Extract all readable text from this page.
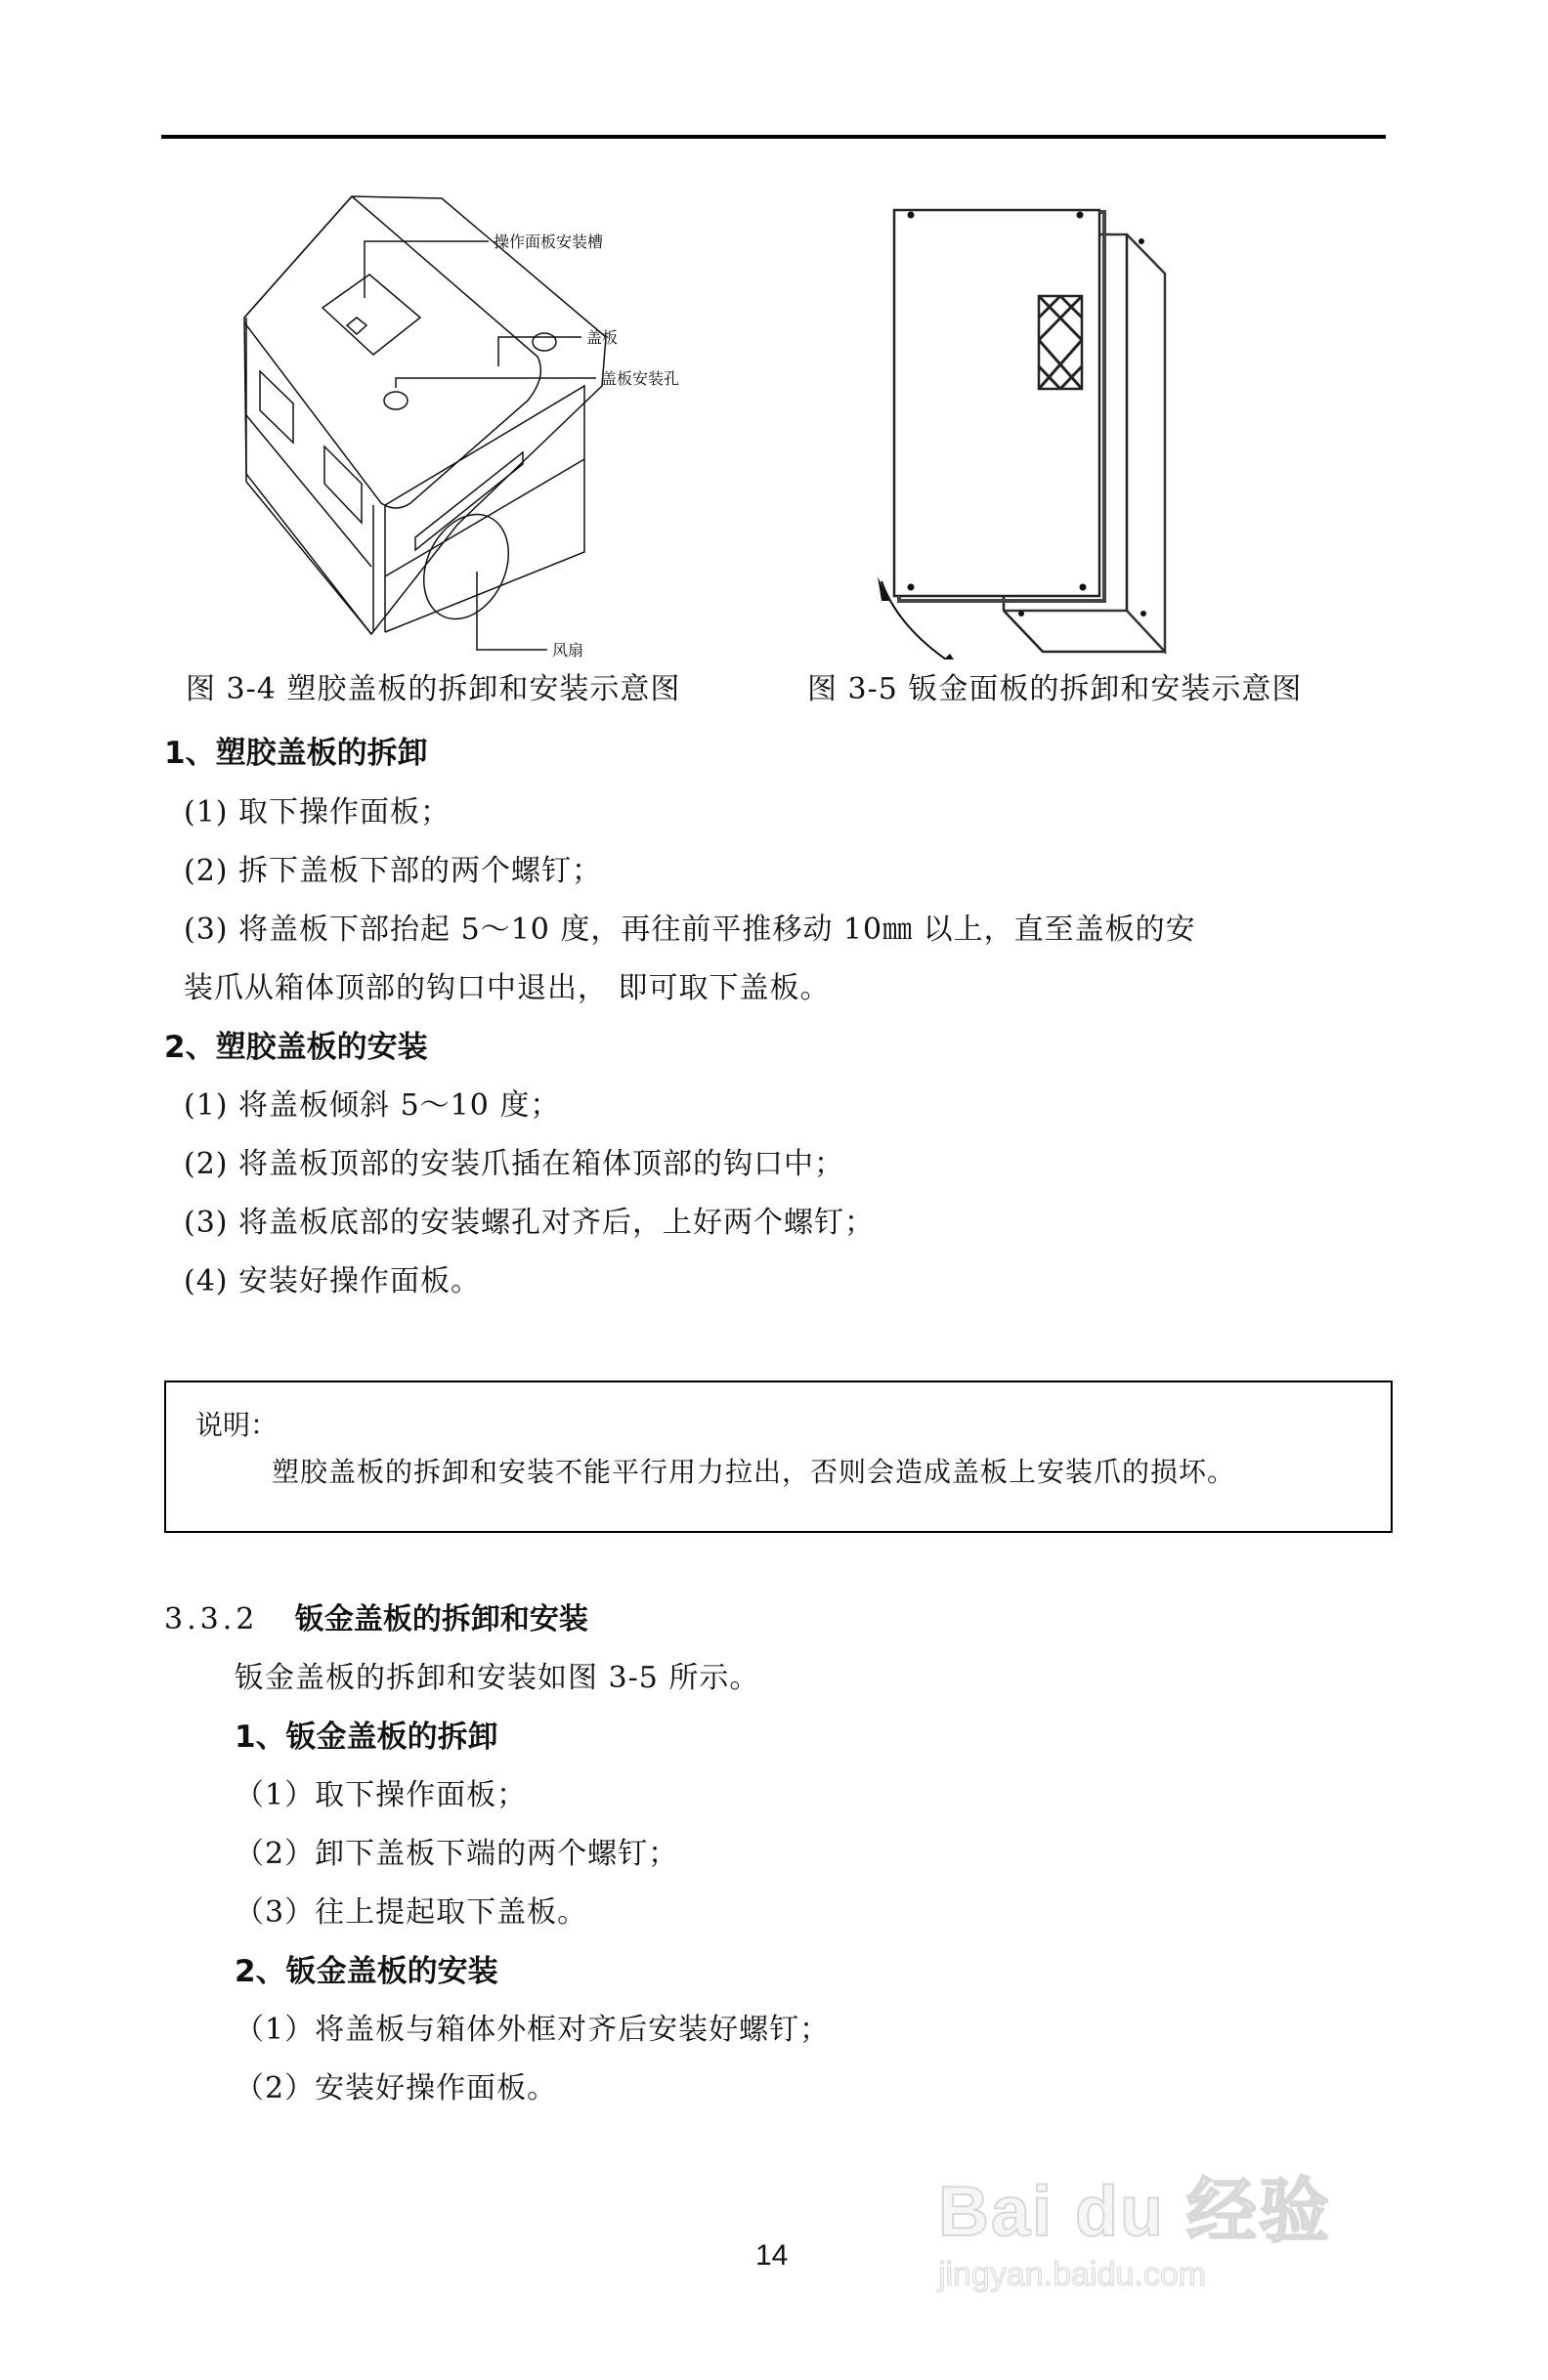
操作面板安装槽
盖板
盖板安装孔
风扇
图 3-4 塑胶盖板的拆卸和安装示意图	图 3-5 钣金面板的拆卸和安装示意图
1、塑胶盖板的拆卸
(1) 取下操作面板；
(2) 拆下盖板下部的两个螺钉；
(3) 将盖板下部抬起 5～10 度，再往前平推移动 10㎜ 以上，直至盖板的安
装爪从箱体顶部的钩口中退出， 即可取下盖板。
2、塑胶盖板的安装
(1) 将盖板倾斜 5～10 度；
(2) 将盖板顶部的安装爪插在箱体顶部的钩口中；
(3) 将盖板底部的安装螺孔对齐后，上好两个螺钉；
(4) 安装好操作面板。
说明：
塑胶盖板的拆卸和安装不能平行用力拉出，否则会造成盖板上安装爪的损坏。
3.3.2 钣金盖板的拆卸和安装
钣金盖板的拆卸和安装如图 3-5 所示。
1、钣金盖板的拆卸
（1）取下操作面板；
（2）卸下盖板下端的两个螺钉；
（3）往上提起取下盖板。
2、钣金盖板的安装
（1）将盖板与箱体外框对齐后安装好螺钉；
（2）安装好操作面板。
14
Bai du 经验
jingyan.baidu.com
